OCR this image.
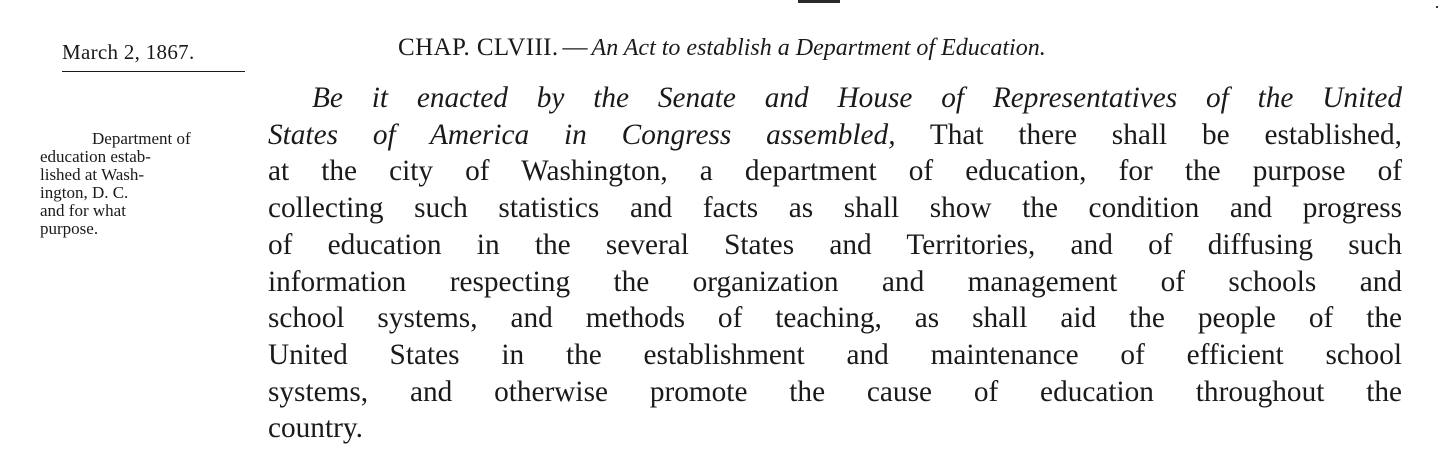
March 2, 1867.	CHAP. CLVIII. — An Act to establish a Department of Education.
Department of
education estab-
lished at Wash-
ington, D. C.
and for what
purpose.
Be it enacted by the Senate and House of Representatives of the United
States of America in Congress assembled, That there shall be established,
at the city of Washington, a department of education, for the purpose of
collecting such statistics and facts as shall show the condition and progress
of education in the several States and Territories, and of diffusing such
information respecting the organization and management of schools and
school systems, and methods of teaching, as shall aid the people of the
United States in the establishment and maintenance of efficient school
systems, and otherwise promote the cause of education throughout the
country.
